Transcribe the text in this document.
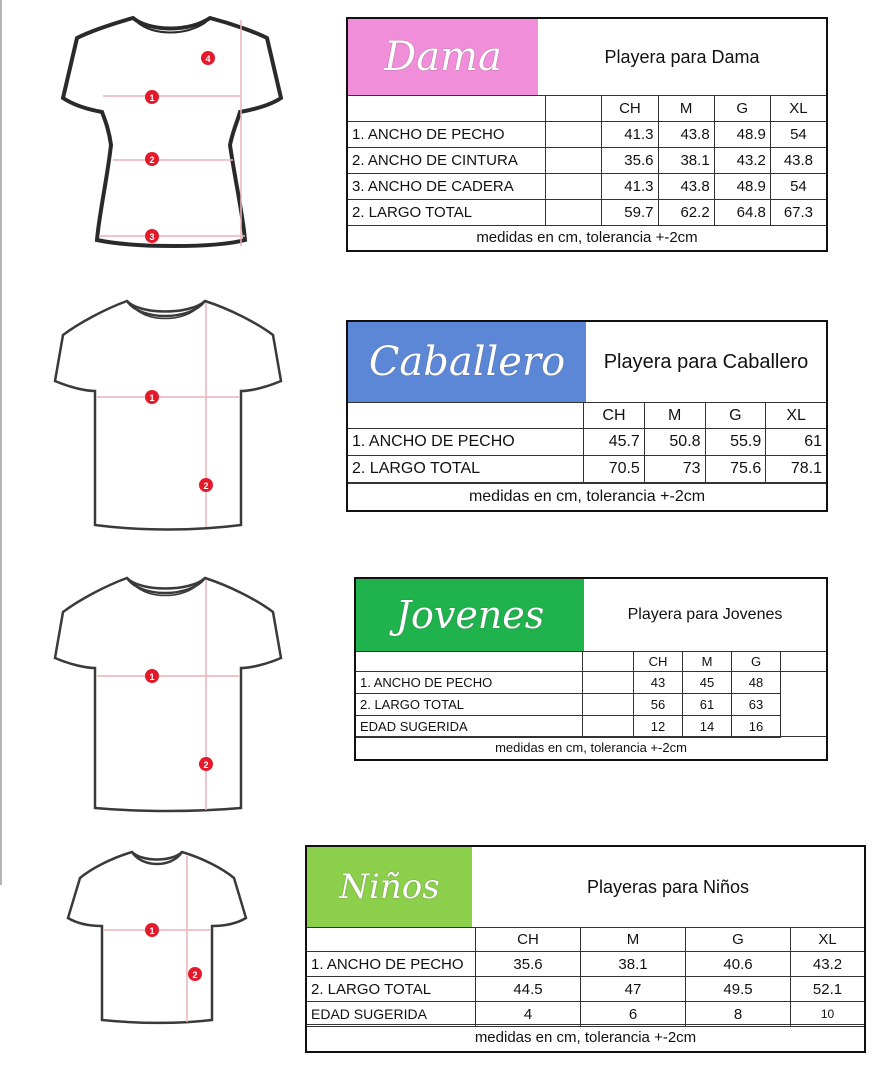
1
2
3
4	Dama	Playera para Dama
		CH	M	G	XL
1. ANCHO DE PECHO		41.3	43.8	48.9	54
2. ANCHO DE CINTURA		35.6	38.1	43.2	43.8
3. ANCHO DE CADERA		41.3	43.8	48.9	54
2. LARGO TOTAL		59.7	62.2	64.8	67.3
medidas en cm, tolerancia +-2cm
1
2
Caballero	Playera para Caballero
	CH	M	G	XL
1. ANCHO DE PECHO	45.7	50.8	55.9	61
2. LARGO TOTAL	70.5	73	75.6	78.1
medidas en cm, tolerancia +-2cm
1
2
Jovenes	Playera para Jovenes
		CH	M	G	
1. ANCHO DE PECHO		43	45	48	
2. LARGO TOTAL		56	61	63	
EDAD SUGERIDA		12	14	16	
medidas en cm, tolerancia +-2cm
1
2
Niños	Playeras para Niños
	CH	M	G	XL
1. ANCHO DE PECHO	35.6	38.1	40.6	43.2
2. LARGO TOTAL	44.5	47	49.5	52.1
EDAD SUGERIDA	4	6	8	10
medidas en cm, tolerancia +-2cm
